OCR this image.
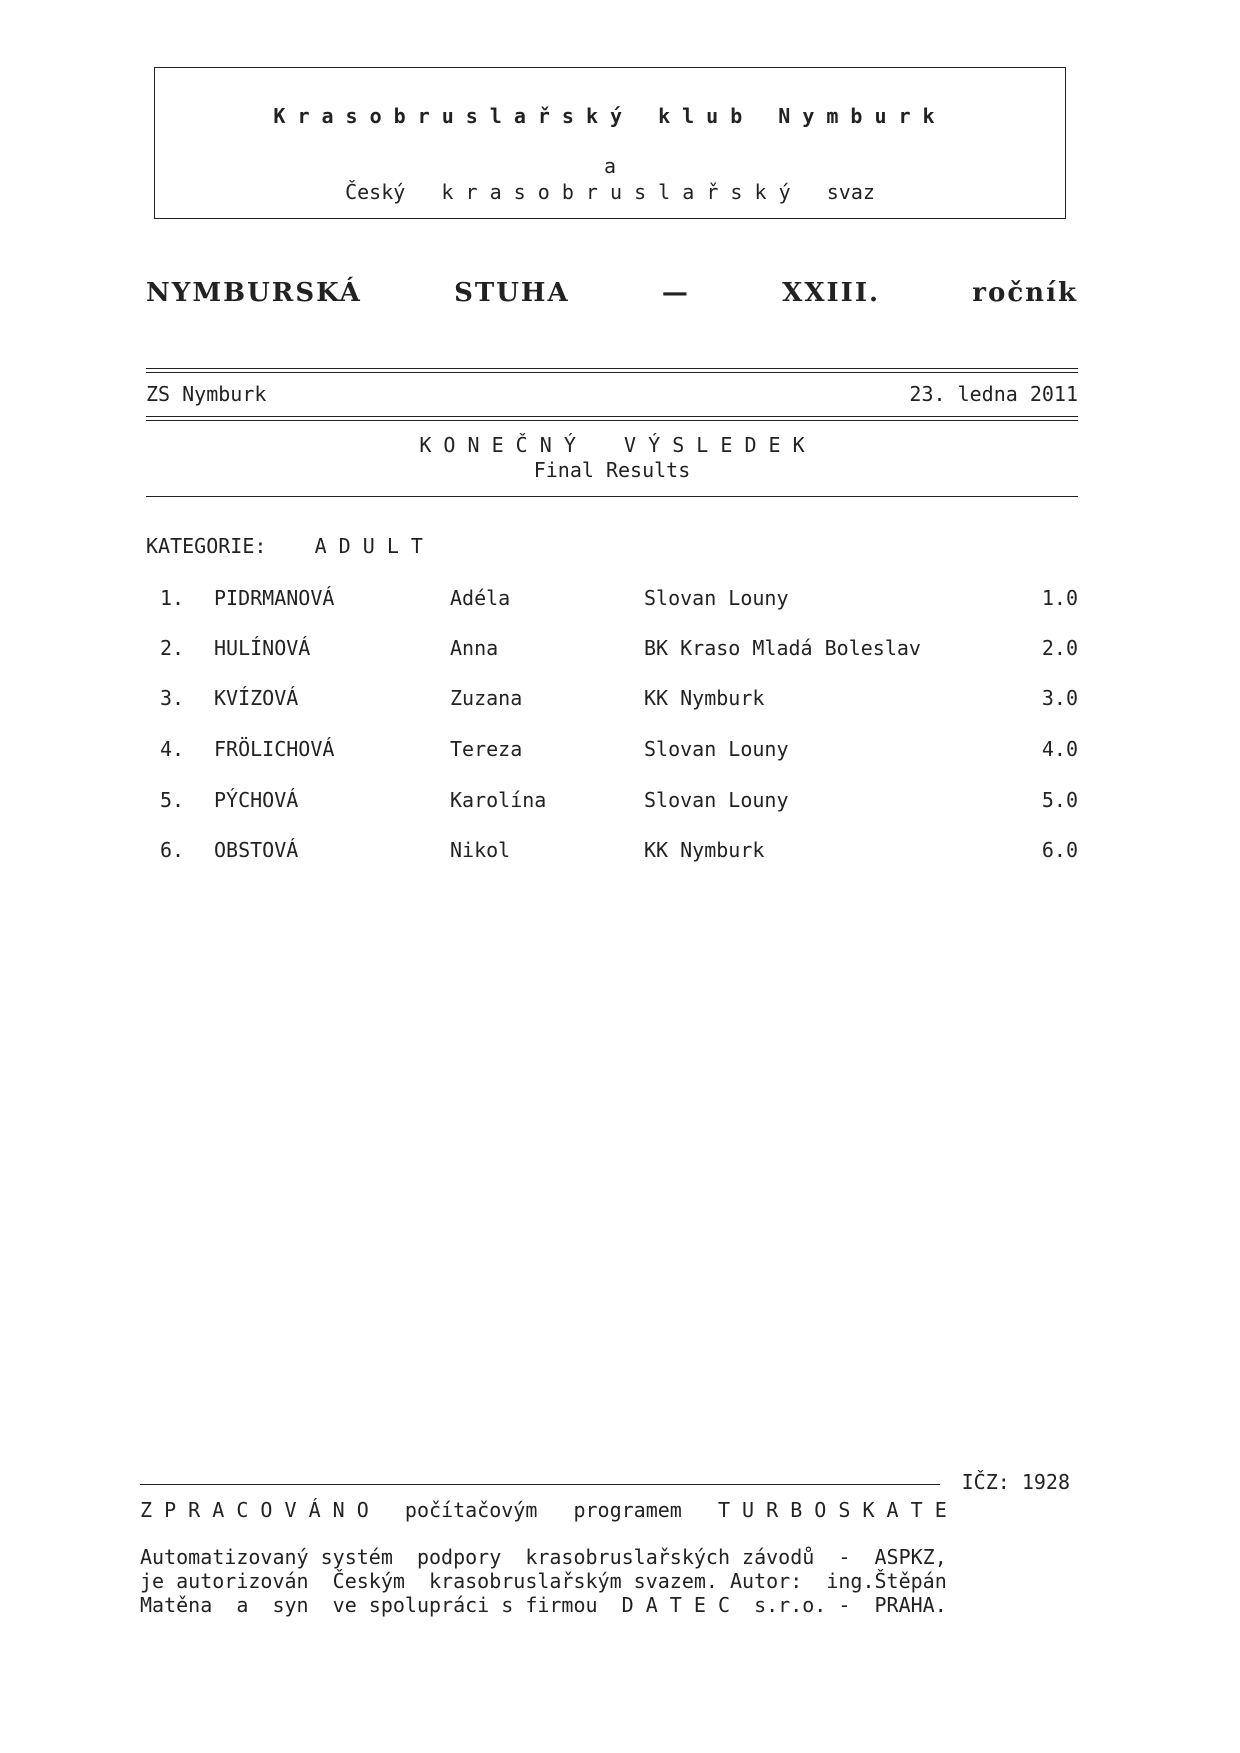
Krasobruslařský klub Nymburk
a
Český   k r a s o b r u s l a ř s k ý   svaz
NYMBURSKÁ	STUHA	—	XXIII.	ročník
ZS Nymburk	23. ledna 2011
K O N E Č N Ý    V Ý S L E D E K
Final Results
KATEGORIE: A D U L T
1. PIDRMANOVÁ	Adéla	Slovan Louny	1.0
2. HULÍNOVÁ	Anna	BK Kraso Mladá Boleslav	2.0
3. KVÍZOVÁ	Zuzana	KK Nymburk	3.0
4. FRÖLICHOVÁ	Tereza	Slovan Louny	4.0
5. PÝCHOVÁ	Karolína	Slovan Louny	5.0
6. OBSTOVÁ	Nikol	KK Nymburk	6.0
IČZ: 1928
Z P R A C O V Á N O   počítačovým   programem   T U R B O S K A T E
Automatizovaný systém  podpory  krasobruslařských závodů  -  ASPKZ,
je autorizován  Českým  krasobruslařským svazem. Autor:  ing.Štěpán
Matěna  a  syn  ve spolupráci s firmou  D A T E C  s.r.o. -  PRAHA.
